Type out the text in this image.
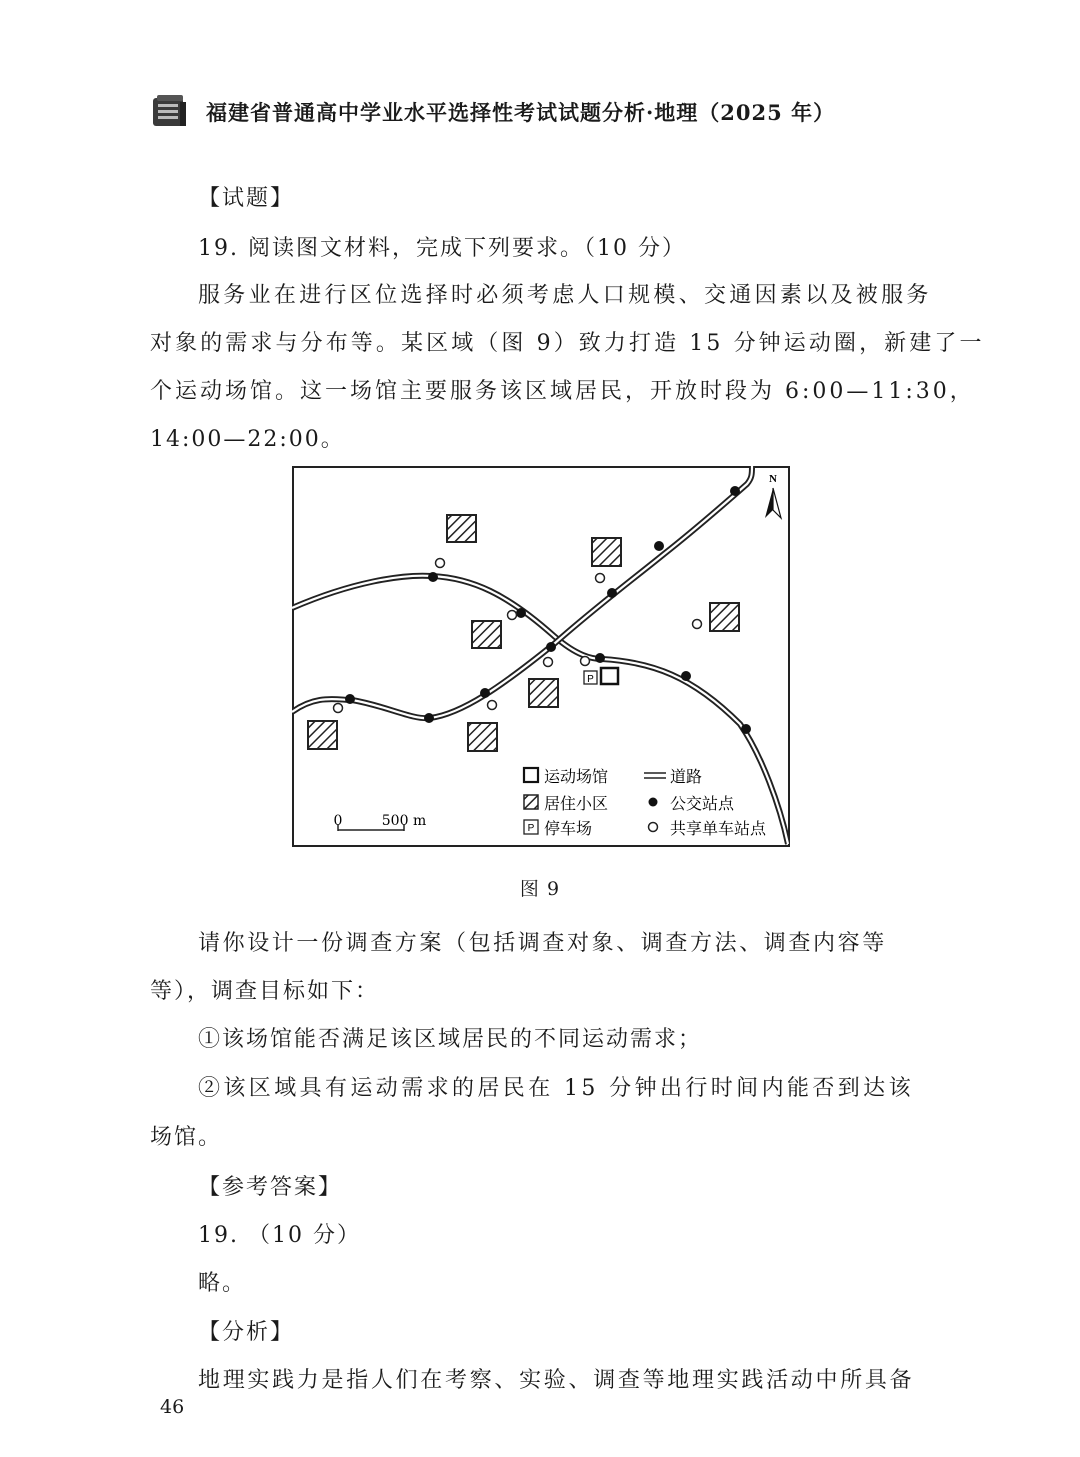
福建省普通高中学业水平选择性考试试题分析·地理（2025 年）
【试题】
19. 阅读图文材料，完成下列要求。（10 分）
服务业在进行区位选择时必须考虑人口规模、交通因素以及被服务
对象的需求与分布等。某区域（图 9）致力打造 15 分钟运动圈，新建了一
个运动场馆。这一场馆主要服务该区域居民，开放时段为 6:00—11:30，
14:00—22:00。
P
N
0	500 m
运动场馆	道路
居住小区	公交站点
P 停车场	共享单车站点
图 9
请你设计一份调查方案（包括调查对象、调查方法、调查内容等
等），调查目标如下：
①该场馆能否满足该区域居民的不同运动需求；
②该区域具有运动需求的居民在 15 分钟出行时间内能否到达该
场馆。
【参考答案】
19. （10 分）
略。
【分析】
地理实践力是指人们在考察、实验、调查等地理实践活动中所具备
46
